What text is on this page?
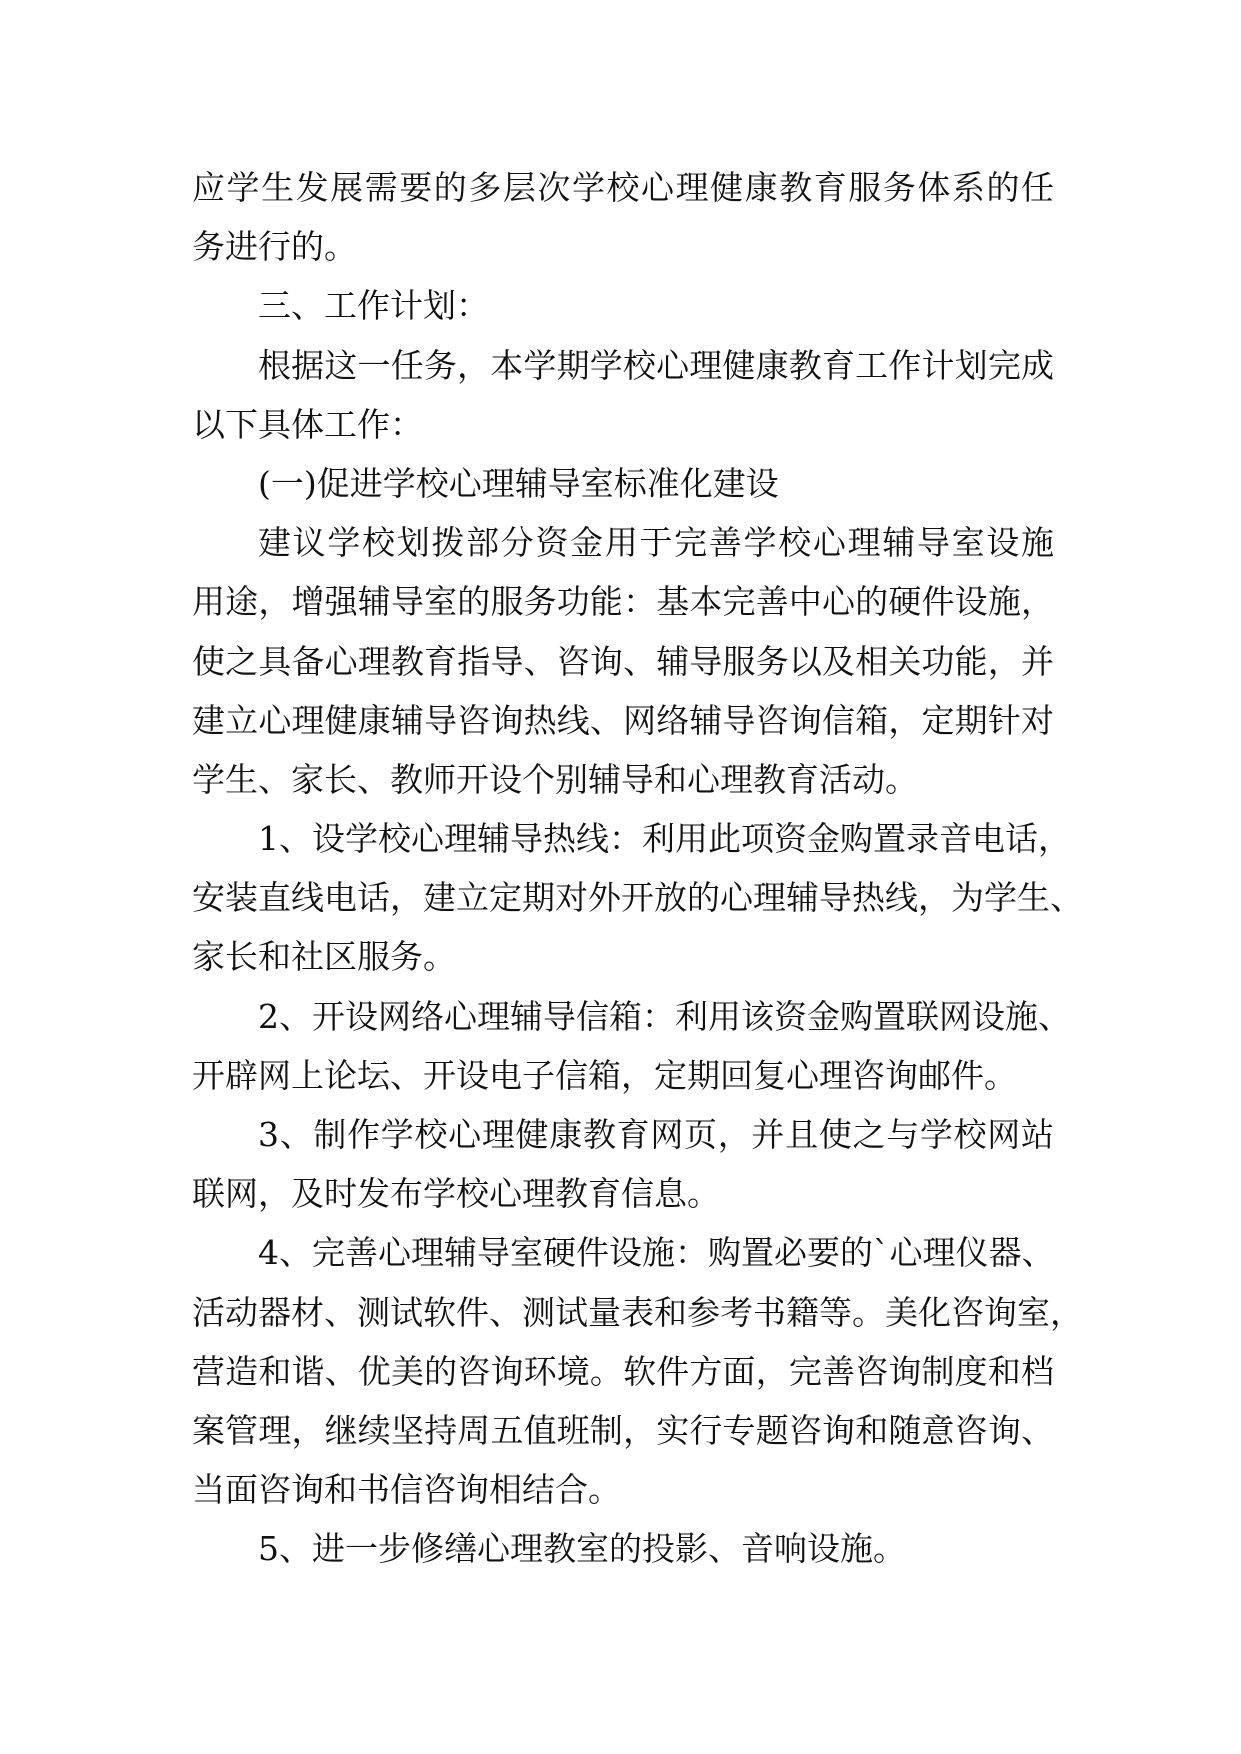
应学生发展需要的多层次学校心理健康教育服务体系的任
务进行的。
三、工作计划：
根据这一任务，本学期学校心理健康教育工作计划完成
以下具体工作：
(一)促进学校心理辅导室标准化建设
建议学校划拨部分资金用于完善学校心理辅导室设施
用途，增强辅导室的服务功能：基本完善中心的硬件设施，
使之具备心理教育指导、咨询、辅导服务以及相关功能，并
建立心理健康辅导咨询热线、网络辅导咨询信箱，定期针对
学生、家长、教师开设个别辅导和心理教育活动。
1、设学校心理辅导热线：利用此项资金购置录音电话，
安装直线电话，建立定期对外开放的心理辅导热线，为学生、
家长和社区服务。
2、开设网络心理辅导信箱：利用该资金购置联网设施、
开辟网上论坛、开设电子信箱，定期回复心理咨询邮件。
3、制作学校心理健康教育网页，并且使之与学校网站
联网，及时发布学校心理教育信息。
4、完善心理辅导室硬件设施：购置必要的`心理仪器、
活动器材、测试软件、测试量表和参考书籍等。美化咨询室，
营造和谐、优美的咨询环境。软件方面，完善咨询制度和档
案管理，继续坚持周五值班制，实行专题咨询和随意咨询、
当面咨询和书信咨询相结合。
5、进一步修缮心理教室的投影、音响设施。
